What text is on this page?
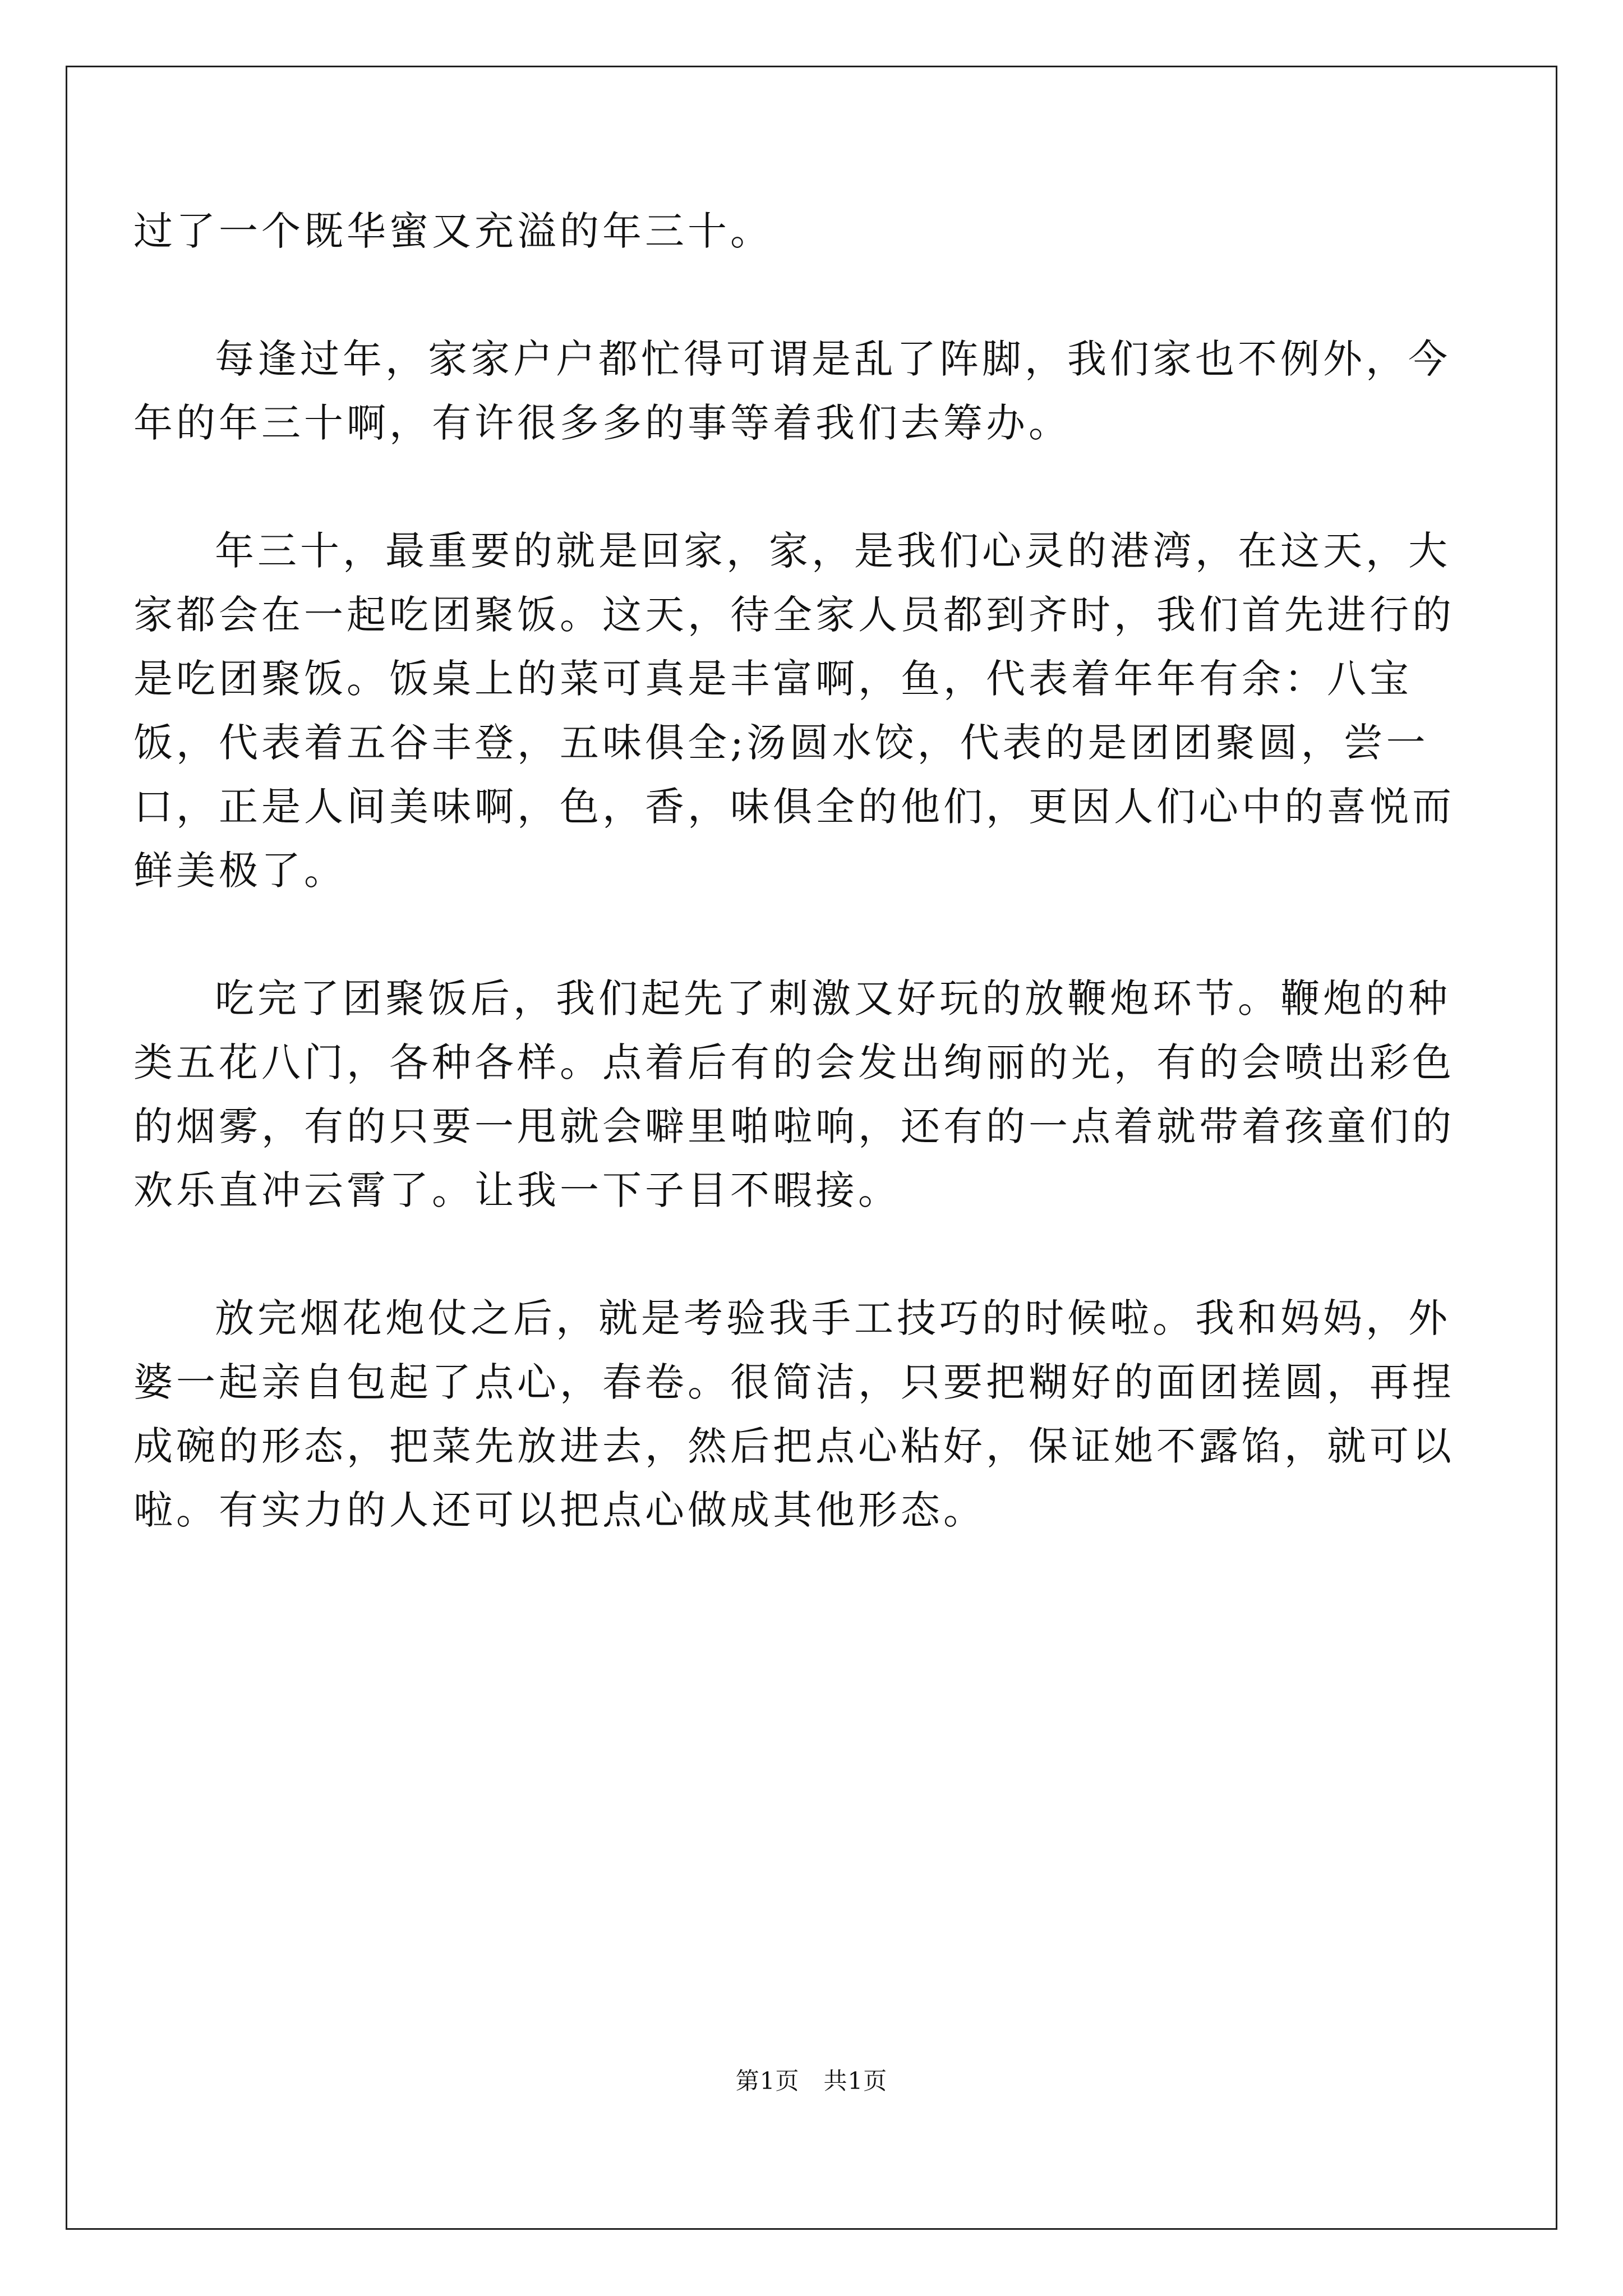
过了一个既华蜜又充溢的年三十。

每逢过年，家家户户都忙得可谓是乱了阵脚，我们家也不例外，今年的年三十啊，有许很多多的事等着我们去筹办。

年三十，最重要的就是回家，家，是我们心灵的港湾，在这天，大家都会在一起吃团聚饭。这天，待全家人员都到齐时，我们首先进行的是吃团聚饭。饭桌上的菜可真是丰富啊，鱼，代表着年年有余：八宝饭，代表着五谷丰登，五味俱全;汤圆水饺，代表的是团团聚圆，尝一口，正是人间美味啊，色，香，味俱全的他们，更因人们心中的喜悦而鲜美极了。

吃完了团聚饭后，我们起先了刺激又好玩的放鞭炮环节。鞭炮的种类五花八门，各种各样。点着后有的会发出绚丽的光，有的会喷出彩色的烟雾，有的只要一甩就会噼里啪啦响，还有的一点着就带着孩童们的欢乐直冲云霄了。让我一下子目不暇接。

放完烟花炮仗之后，就是考验我手工技巧的时候啦。我和妈妈，外婆一起亲自包起了点心，春卷。很简洁，只要把糊好的面团搓圆，再捏成碗的形态，把菜先放进去，然后把点心粘好，保证她不露馅，就可以啦。有实力的人还可以把点心做成其他形态。

第1页 共1页
